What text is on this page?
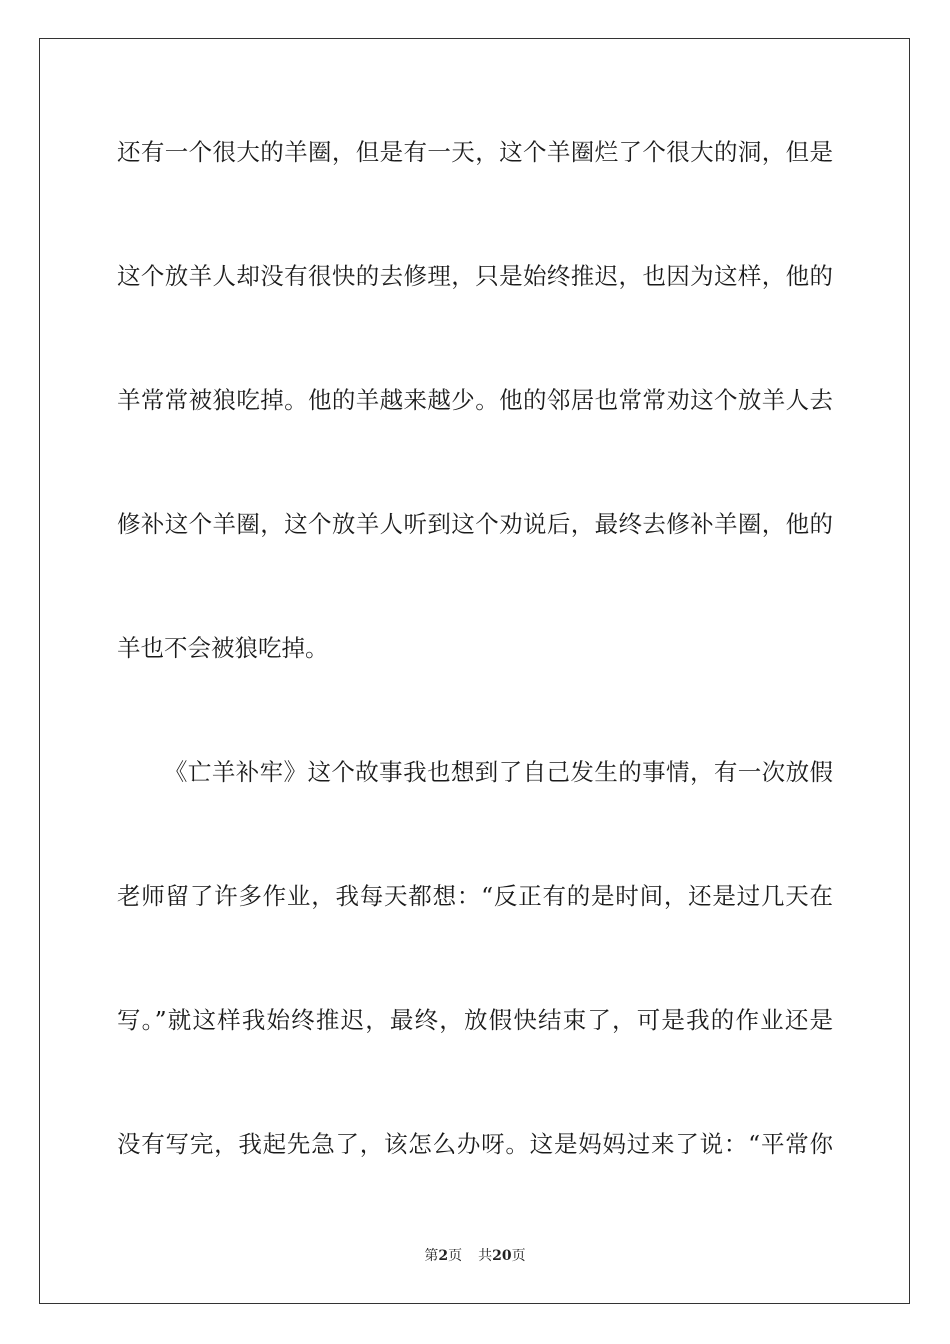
还有一个很大的羊圈，但是有一天，这个羊圈烂了个很大的洞，但是
这个放羊人却没有很快的去修理，只是始终推迟，也因为这样，他的
羊常常被狼吃掉。他的羊越来越少。他的邻居也常常劝这个放羊人去
修补这个羊圈，这个放羊人听到这个劝说后，最终去修补羊圈，他的
羊也不会被狼吃掉。
《亡羊补牢》这个故事我也想到了自己发生的事情，有一次放假
老师留了许多作业，我每天都想：“反正有的是时间，还是过几天在
写。”就这样我始终推迟，最终，放假快结束了，可是我的作业还是
没有写完，我起先急了，该怎么办呀。这是妈妈过来了说：“平常你
第2页 共20页
